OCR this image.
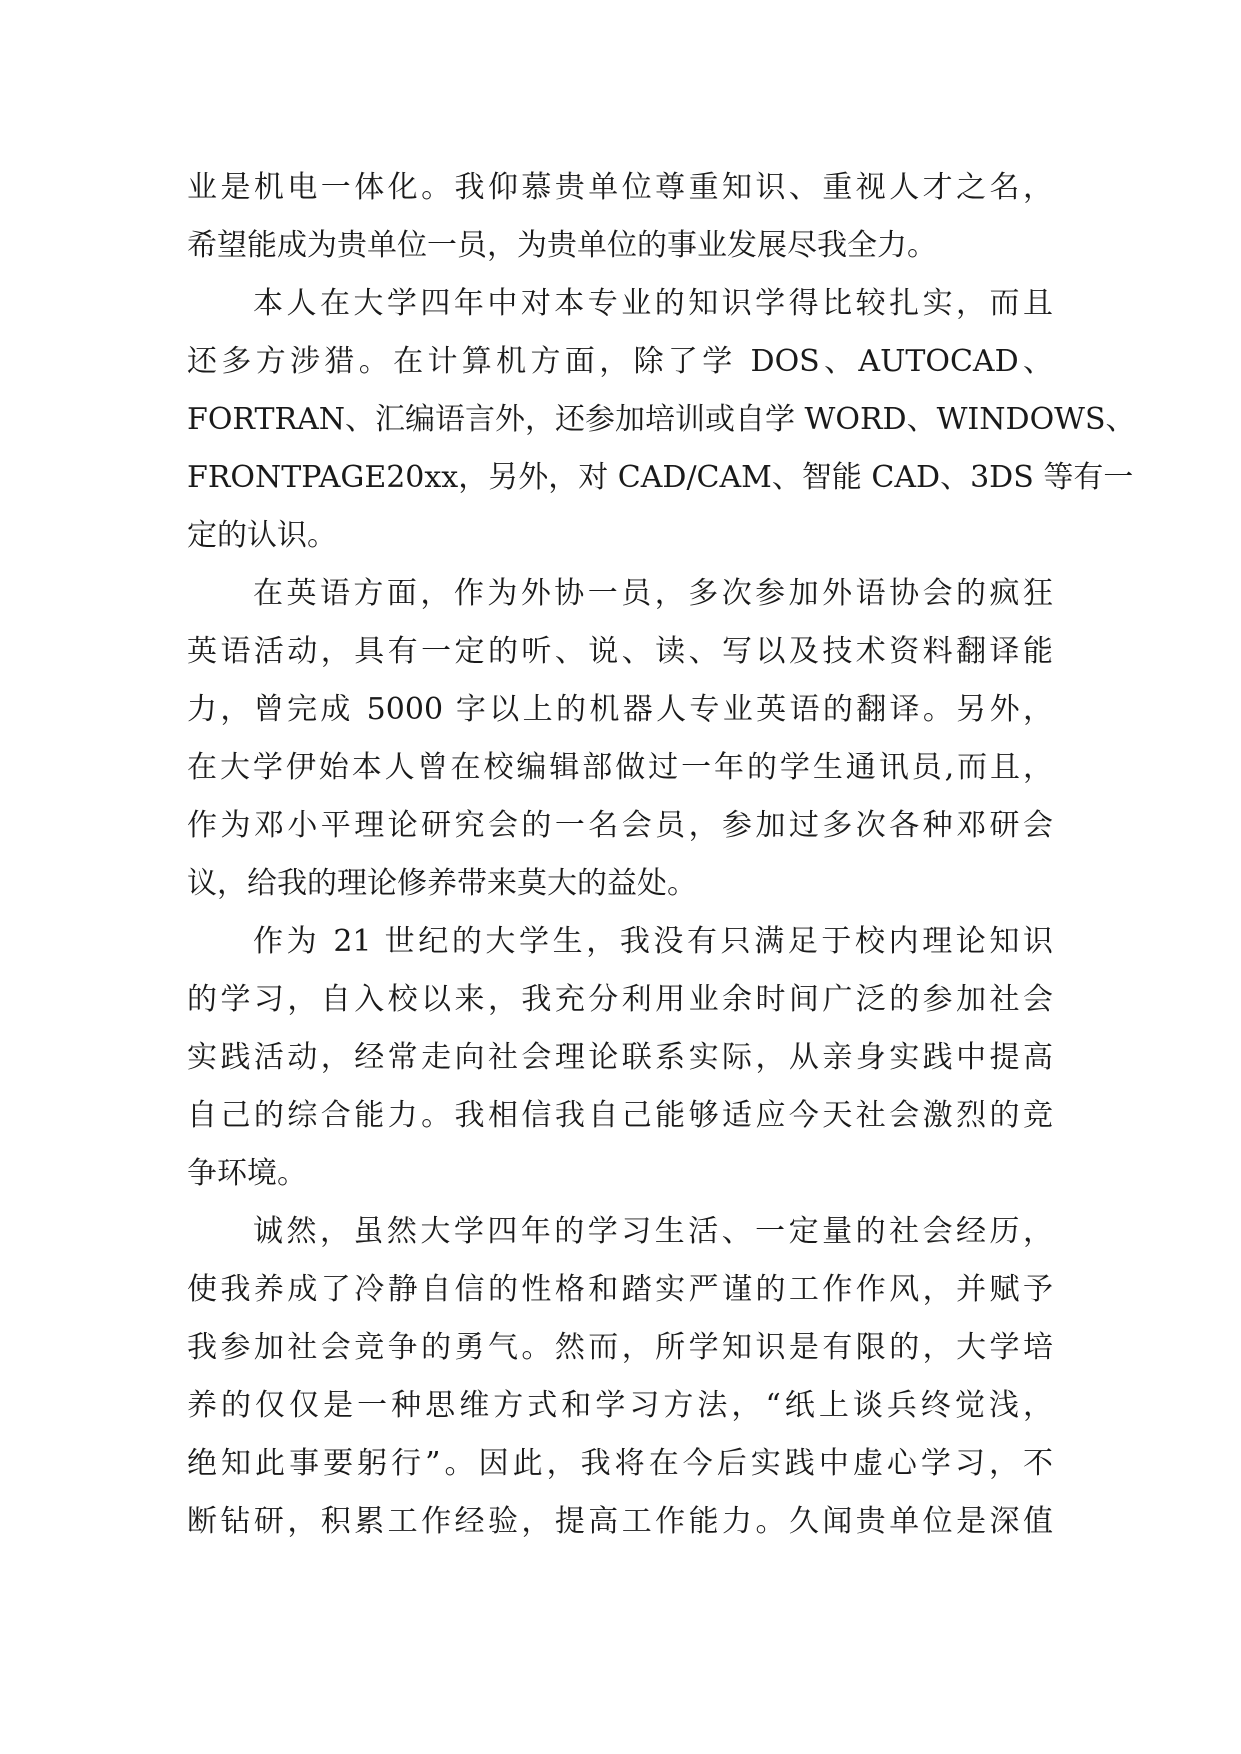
业是机电一体化。我仰慕贵单位尊重知识、重视人才之名，
希望能成为贵单位一员，为贵单位的事业发展尽我全力。
本人在大学四年中对本专业的知识学得比较扎实，而且
还多方涉猎。在计算机方面，除了学 DOS、AUTOCAD、
FORTRAN、汇编语言外，还参加培训或自学 WORD、WINDOWS、
FRONTPAGE20xx，另外，对 CAD/CAM、智能 CAD、3DS 等有一
定的认识。
在英语方面，作为外协一员，多次参加外语协会的疯狂
英语活动，具有一定的听、说、读、写以及技术资料翻译能
力，曾完成 5000 字以上的机器人专业英语的翻译。另外，
在大学伊始本人曾在校编辑部做过一年的学生通讯员,而且，
作为邓小平理论研究会的一名会员，参加过多次各种邓研会
议，给我的理论修养带来莫大的益处。
作为 21 世纪的大学生，我没有只满足于校内理论知识
的学习，自入校以来，我充分利用业余时间广泛的参加社会
实践活动，经常走向社会理论联系实际，从亲身实践中提高
自己的综合能力。我相信我自己能够适应今天社会激烈的竞
争环境。
诚然，虽然大学四年的学习生活、一定量的社会经历，
使我养成了冷静自信的性格和踏实严谨的工作作风，并赋予
我参加社会竞争的勇气。然而，所学知识是有限的，大学培
养的仅仅是一种思维方式和学习方法，“纸上谈兵终觉浅，
绝知此事要躬行”。因此，我将在今后实践中虚心学习，不
断钻研，积累工作经验，提高工作能力。久闻贵单位是深值
